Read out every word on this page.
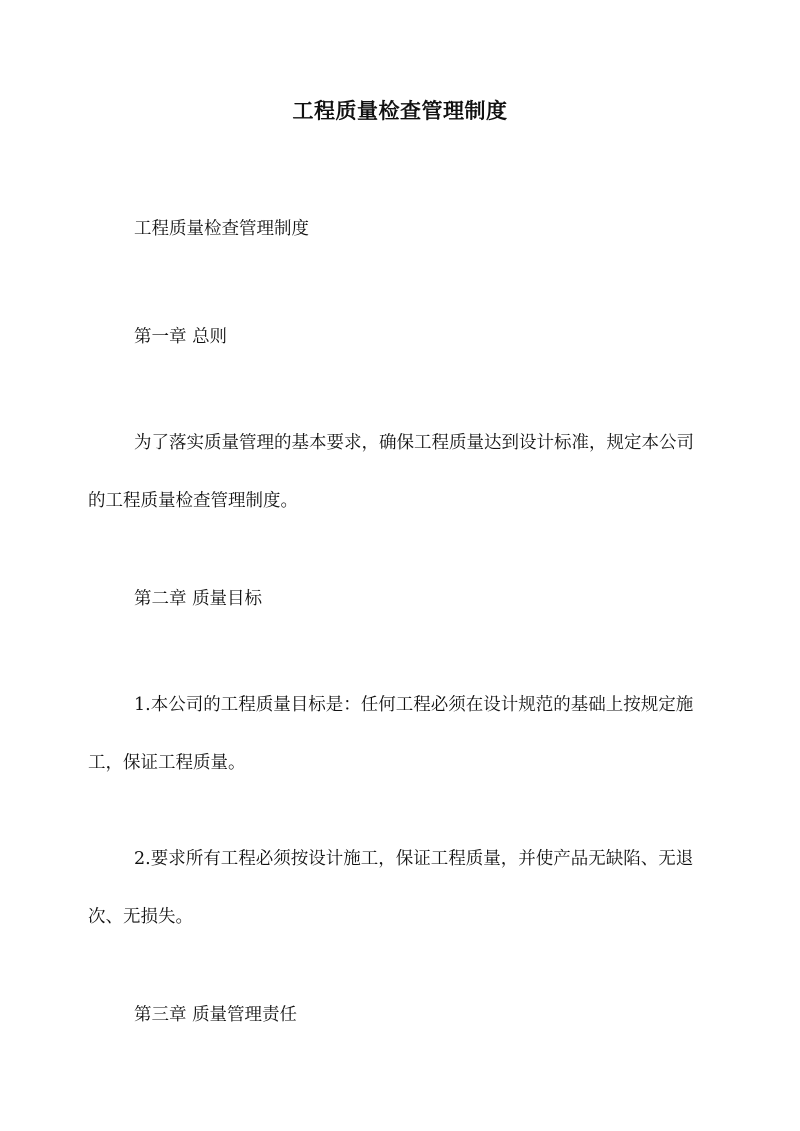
工程质量检查管理制度
工程质量检查管理制度
第一章 总则
为了落实质量管理的基本要求，确保工程质量达到设计标准，规定本公司的工程质量检查管理制度。
第二章 质量目标
1.本公司的工程质量目标是：任何工程必须在设计规范的基础上按规定施工，保证工程质量。
2.要求所有工程必须按设计施工，保证工程质量，并使产品无缺陷、无退次、无损失。
第三章 质量管理责任
